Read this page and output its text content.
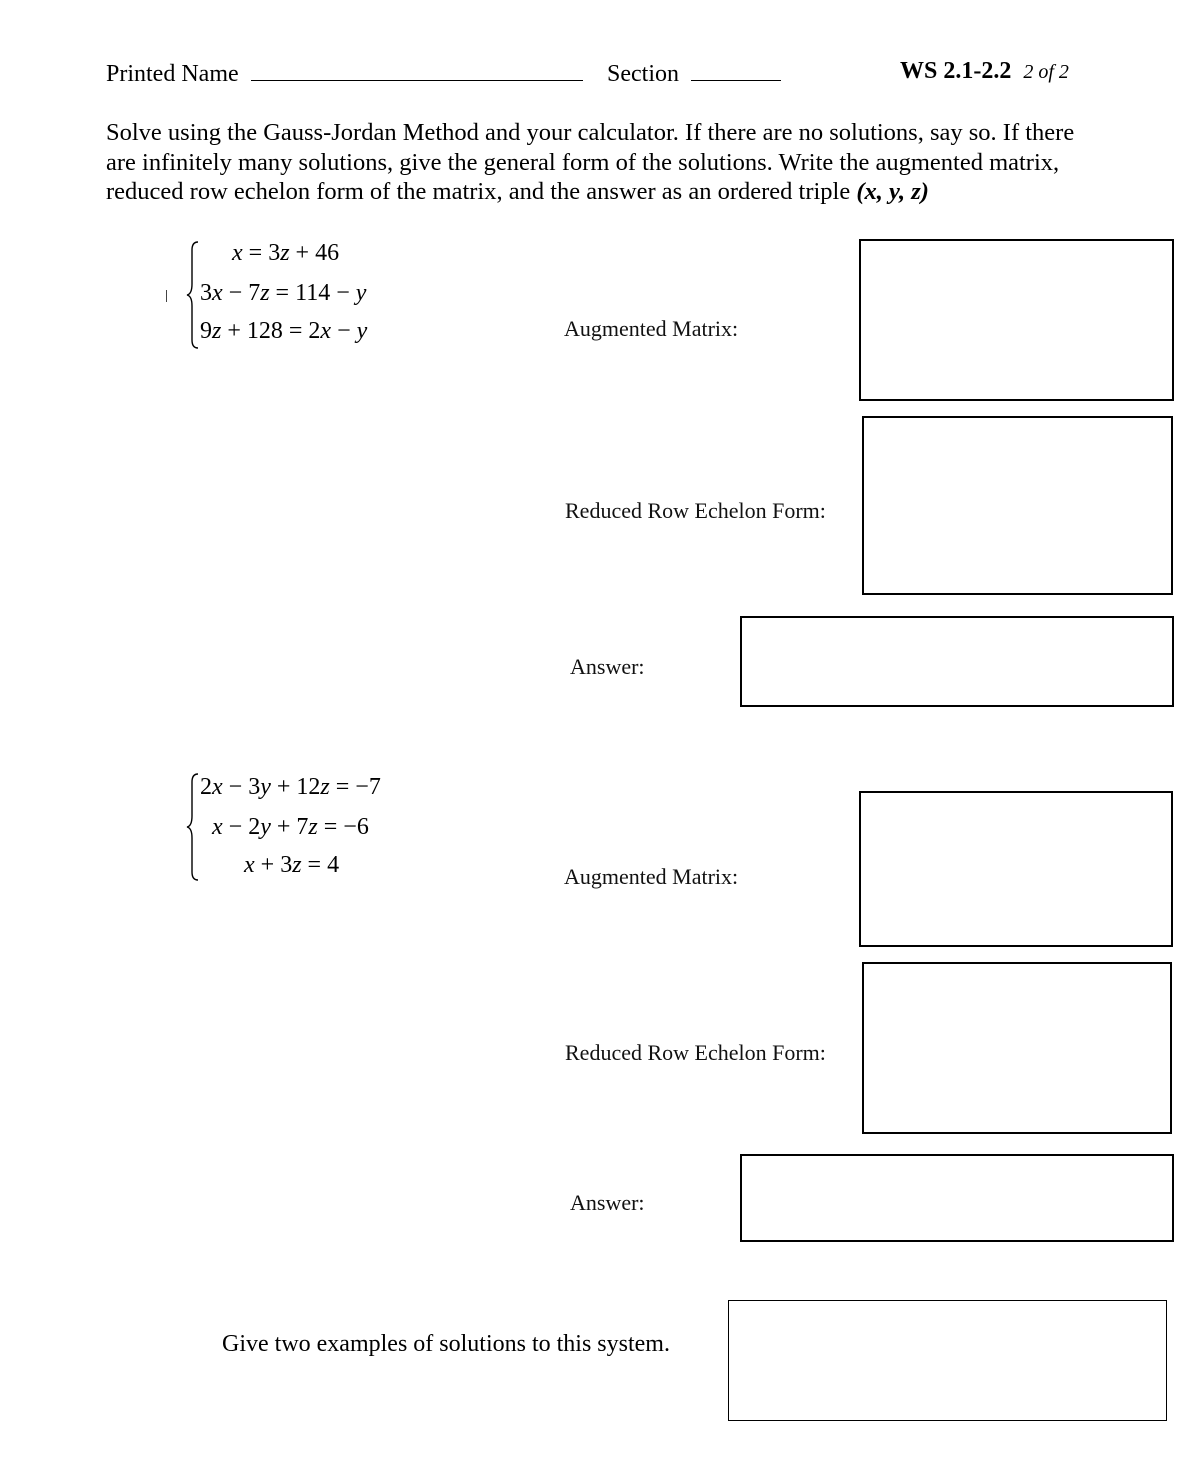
Printed Name	Section	WS 2.1-2.2 2 of 2
Solve using the Gauss-Jordan Method and your calculator. If there are no solutions, say so. If there are infinitely many solutions, give the general form of the solutions. Write the augmented matrix, reduced row echelon form of the matrix, and the answer as an ordered triple (x, y, z)
x = 3z + 46
3x − 7z = 114 − y
9z + 128 = 2x − y	Augmented Matrix:
Reduced Row Echelon Form:
Answer:
2x − 3y + 12z = −7
x − 2y + 7z = −6
x + 3z = 4	Augmented Matrix:
Reduced Row Echelon Form:
Answer:
Give two examples of solutions to this system.
